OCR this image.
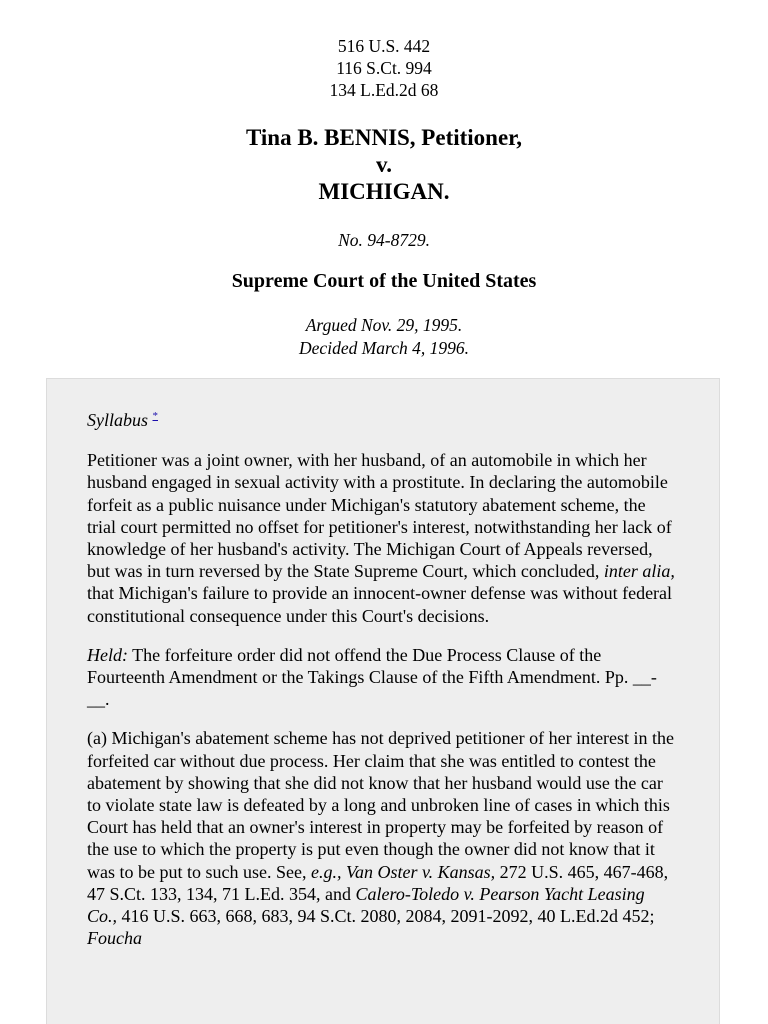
516 U.S. 442
116 S.Ct. 994
134 L.Ed.2d 68
Tina B. BENNIS, Petitioner,
v.
MICHIGAN.
No. 94-8729.
Supreme Court of the United States
Argued Nov. 29, 1995.
Decided March 4, 1996.

Syllabus *

Petitioner was a joint owner, with her husband, of an automobile in which her husband engaged in sexual activity with a prostitute. In declaring the automobile forfeit as a public nuisance under Michigan's statutory abatement scheme, the trial court permitted no offset for petitioner's interest, notwithstanding her lack of knowledge of her husband's activity. The Michigan Court of Appeals reversed, but was in turn reversed by the State Supreme Court, which concluded, inter alia, that Michigan's failure to provide an innocent-owner defense was without federal constitutional consequence under this Court's decisions.

Held: The forfeiture order did not offend the Due Process Clause of the Fourteenth Amendment or the Takings Clause of the Fifth Amendment. Pp. __-__.

(a) Michigan's abatement scheme has not deprived petitioner of her interest in the forfeited car without due process. Her claim that she was entitled to contest the abatement by showing that she did not know that her husband would use the car to violate state law is defeated by a long and unbroken line of cases in which this Court has held that an owner's interest in property may be forfeited by reason of the use to which the property is put even though the owner did not know that it was to be put to such use. See, e.g., Van Oster v. Kansas, 272 U.S. 465, 467-468, 47 S.Ct. 133, 134, 71 L.Ed. 354, and Calero-Toledo v. Pearson Yacht Leasing Co., 416 U.S. 663, 668, 683, 94 S.Ct. 2080, 2084, 2091-2092, 40 L.Ed.2d 452; Foucha
